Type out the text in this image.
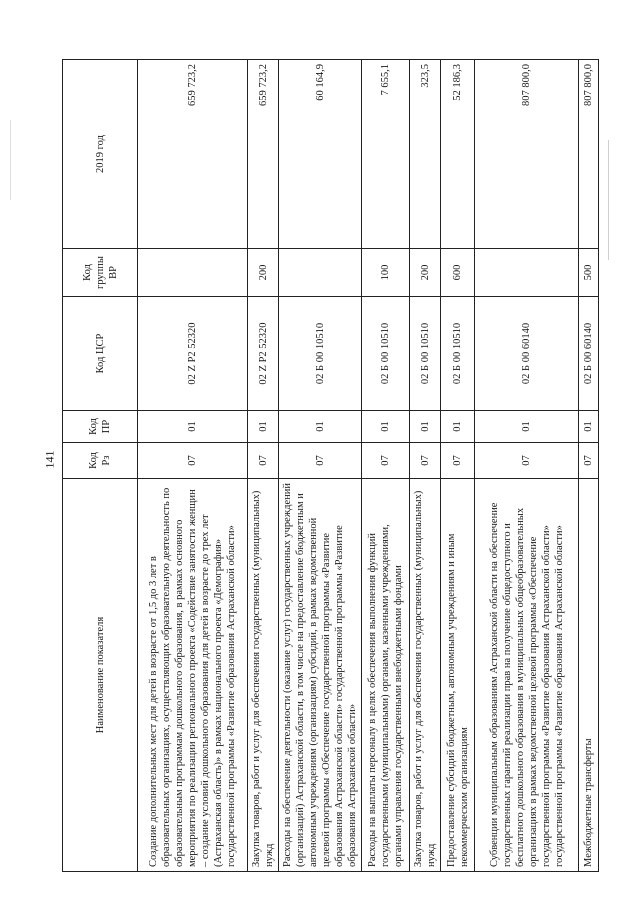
141
Наименование показателя	Код Рз	Код ПР	Код ЦСР	Код группы ВР	2019 год
Создание дополнительных мест для детей в возрасте от 1,5 до 3 лет в образовательных организациях, осуществляющих образовательную деятельность по образовательным программам дошкольного образования, в рамках основного мероприятия по реализации регионального проекта «Содействие занятости женщин – создание условий дошкольного образования для детей в возрасте до трех лет (Астраханская область)» в рамках национального проекта «Демография» государственной программы «Развитие образования Астраханской области»	07	01	02 Z P2 52320		659 723,2
Закупка товаров, работ и услуг для обеспечения государственных (муниципальных) нужд	07	01	02 Z P2 52320	200	659 723,2
Расходы на обеспечение деятельности (оказание услуг) государственных учреждений (организаций) Астраханской области, в том числе на предоставление бюджетным и автономным учреждениям (организациям) субсидий, в рамках ведомственной целевой программы «Обеспечение государственной программы «Развитие образования Астраханской области» государственной программы «Развитие образования Астраханской области»	07	01	02 Б 00 10510		60 164,9
Расходы на выплаты персоналу в целях обеспечения выполнения функций государственными (муниципальными) органами, казенными учреждениями, органами управления государственными внебюджетными фондами	07	01	02 Б 00 10510	100	7 655,1
Закупка товаров, работ и услуг для обеспечения государственных (муниципальных) нужд	07	01	02 Б 00 10510	200	323,5
Предоставление субсидий бюджетным, автономным учреждениям и иным некоммерческим организациям	07	01	02 Б 00 10510	600	52 186,3
Субвенции муниципальным образованиям Астраханской области на обеспечение государственных гарантий реализации прав на получение общедоступного и бесплатного дошкольного образования в муниципальных общеобразовательных организациях в рамках ведомственной целевой программы «Обеспечение государственной программы «Развитие образования Астраханской области» государственной программы «Развитие образования Астраханской области»	07	01	02 Б 00 60140		807 800,0
Межбюджетные трансферты	07	01	02 Б 00 60140	500	807 800,0
